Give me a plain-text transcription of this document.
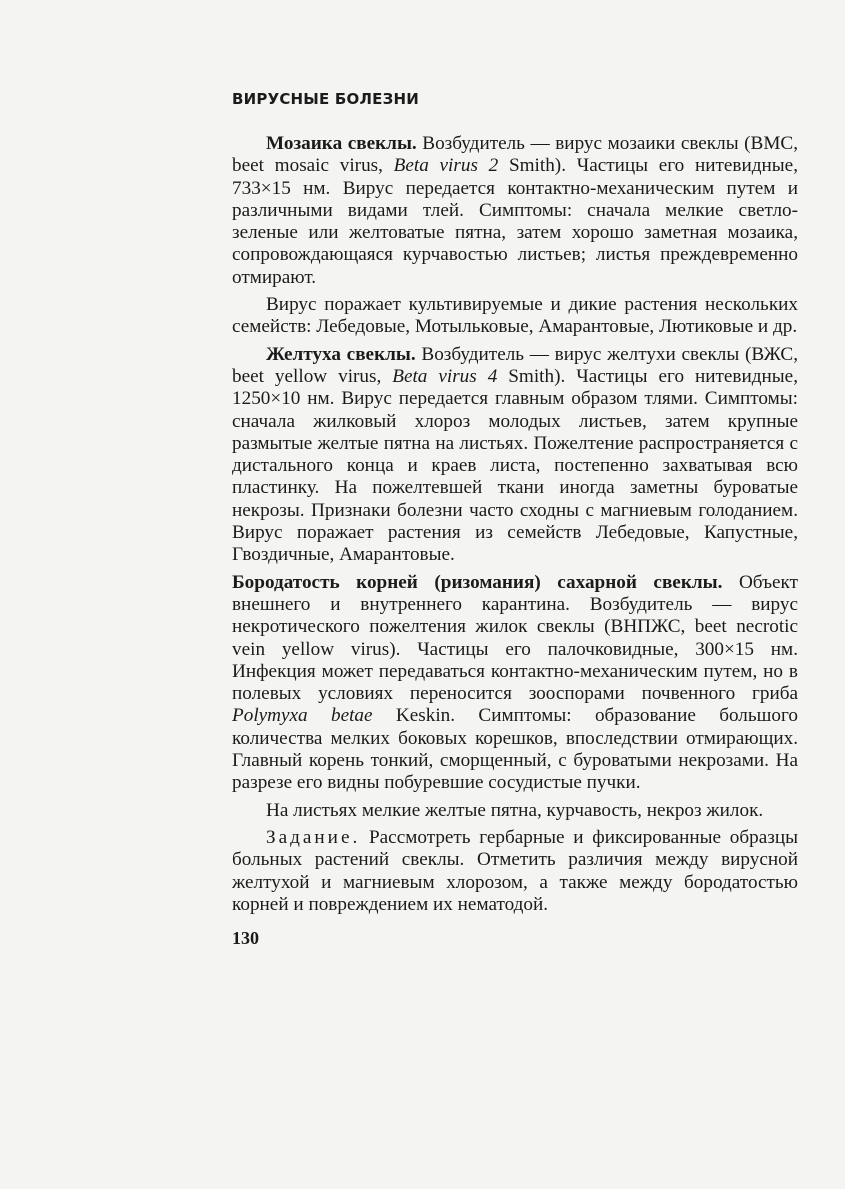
ВИРУСНЫЕ БОЛЕЗНИ

Мозаика свеклы. Возбудитель — вирус мозаики свеклы (ВМС, beet mosaic virus, Beta virus 2 Smith). Частицы его нитевидные, 733×15 нм. Вирус передается контактно-механическим путем и различными видами тлей. Симптомы: сначала мелкие светло-зеленые или желтоватые пятна, затем хорошо заметная мозаика, сопровождающаяся курчавостью листьев; листья преждевременно отмирают.

Вирус поражает культивируемые и дикие растения нескольких семейств: Лебедовые, Мотыльковые, Амарантовые, Лютиковые и др.

Желтуха свеклы. Возбудитель — вирус желтухи свеклы (ВЖС, beet yellow virus, Beta virus 4 Smith). Частицы его нитевидные, 1250×10 нм. Вирус передается главным образом тлями. Симптомы: сначала жилковый хлороз молодых листьев, затем крупные размытые желтые пятна на листьях. Пожелтение распространяется с дистального конца и краев листа, постепенно захватывая всю пластинку. На пожелтевшей ткани иногда заметны буроватые некрозы. Признаки болезни часто сходны с магниевым голоданием. Вирус поражает растения из семейств Лебедовые, Капустные, Гвоздичные, Амарантовые.

Бородатость корней (ризомания) сахарной свеклы. Объект внешнего и внутреннего карантина. Возбудитель — вирус некротического пожелтения жилок свеклы (ВНПЖС, beet necrotic vein yellow virus). Частицы его палочковидные, 300×15 нм. Инфекция может передаваться контактно-механическим путем, но в полевых условиях переносится зооспорами почвенного гриба Polymyxa betae Keskin. Симптомы: образование большого количества мелких боковых корешков, впоследствии отмирающих. Главный корень тонкий, сморщенный, с буроватыми некрозами. На разрезе его видны побуревшие сосудистые пучки.

На листьях мелкие желтые пятна, курчавость, некроз жилок.

Задание. Рассмотреть гербарные и фиксированные образцы больных растений свеклы. Отметить различия между вирусной желтухой и магниевым хлорозом, а также между бородатостью корней и повреждением их нематодой.

130
